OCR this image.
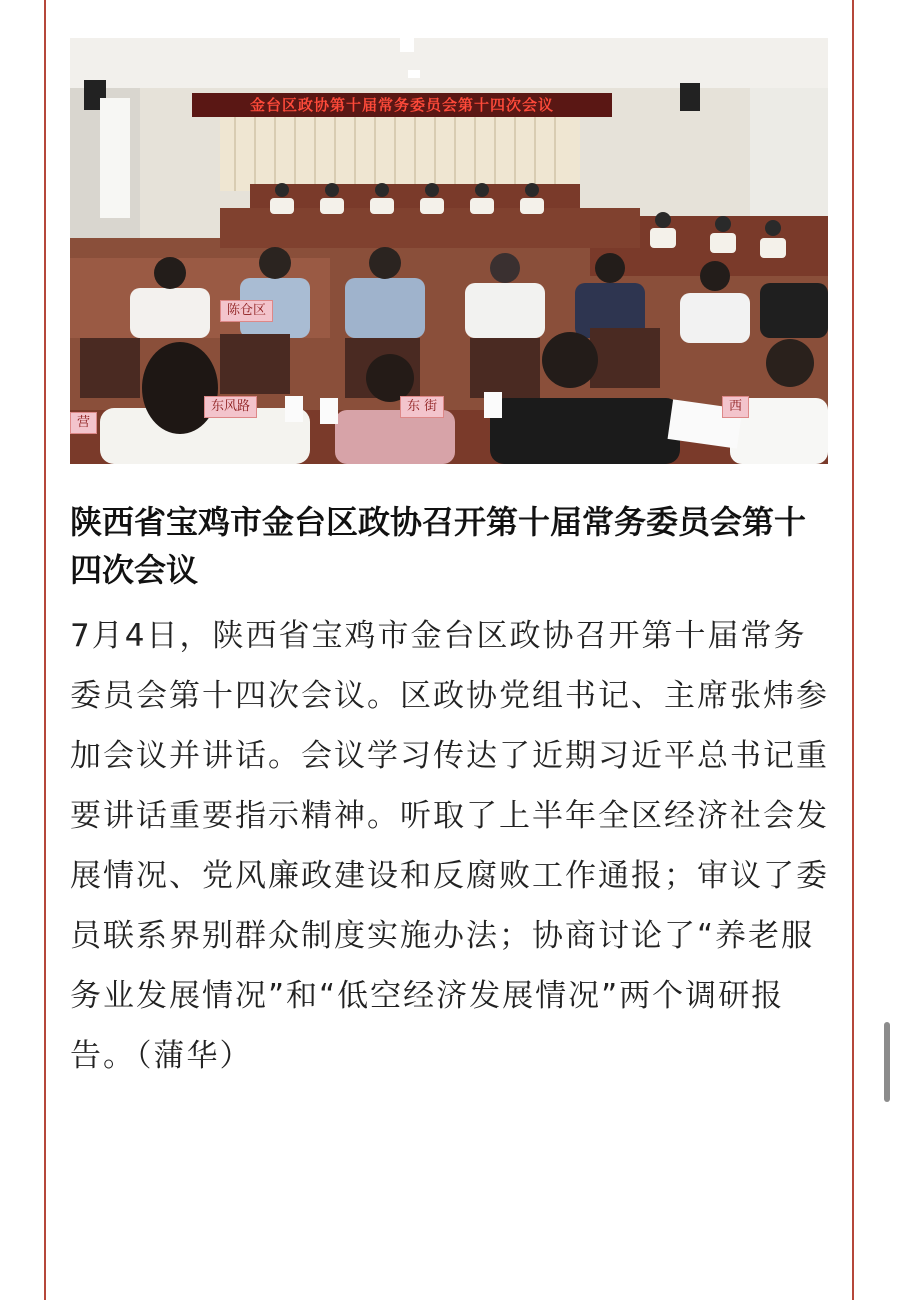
金台区政协第十届常务委员会第十四次会议
陈仓区
东风路	东 街	西
营
陕西省宝鸡市金台区政协召开第十届常务委员会第十四次会议

7月4日，陕西省宝鸡市金台区政协召开第十届常务委员会第十四次会议。区政协党组书记、主席张炜参加会议并讲话。会议学习传达了近期习近平总书记重要讲话重要指示精神。听取了上半年全区经济社会发展情况、党风廉政建设和反腐败工作通报；审议了委员联系界别群众制度实施办法；协商讨论了“养老服务业发展情况”和“低空经济发展情况”两个调研报告。（蒲华）
